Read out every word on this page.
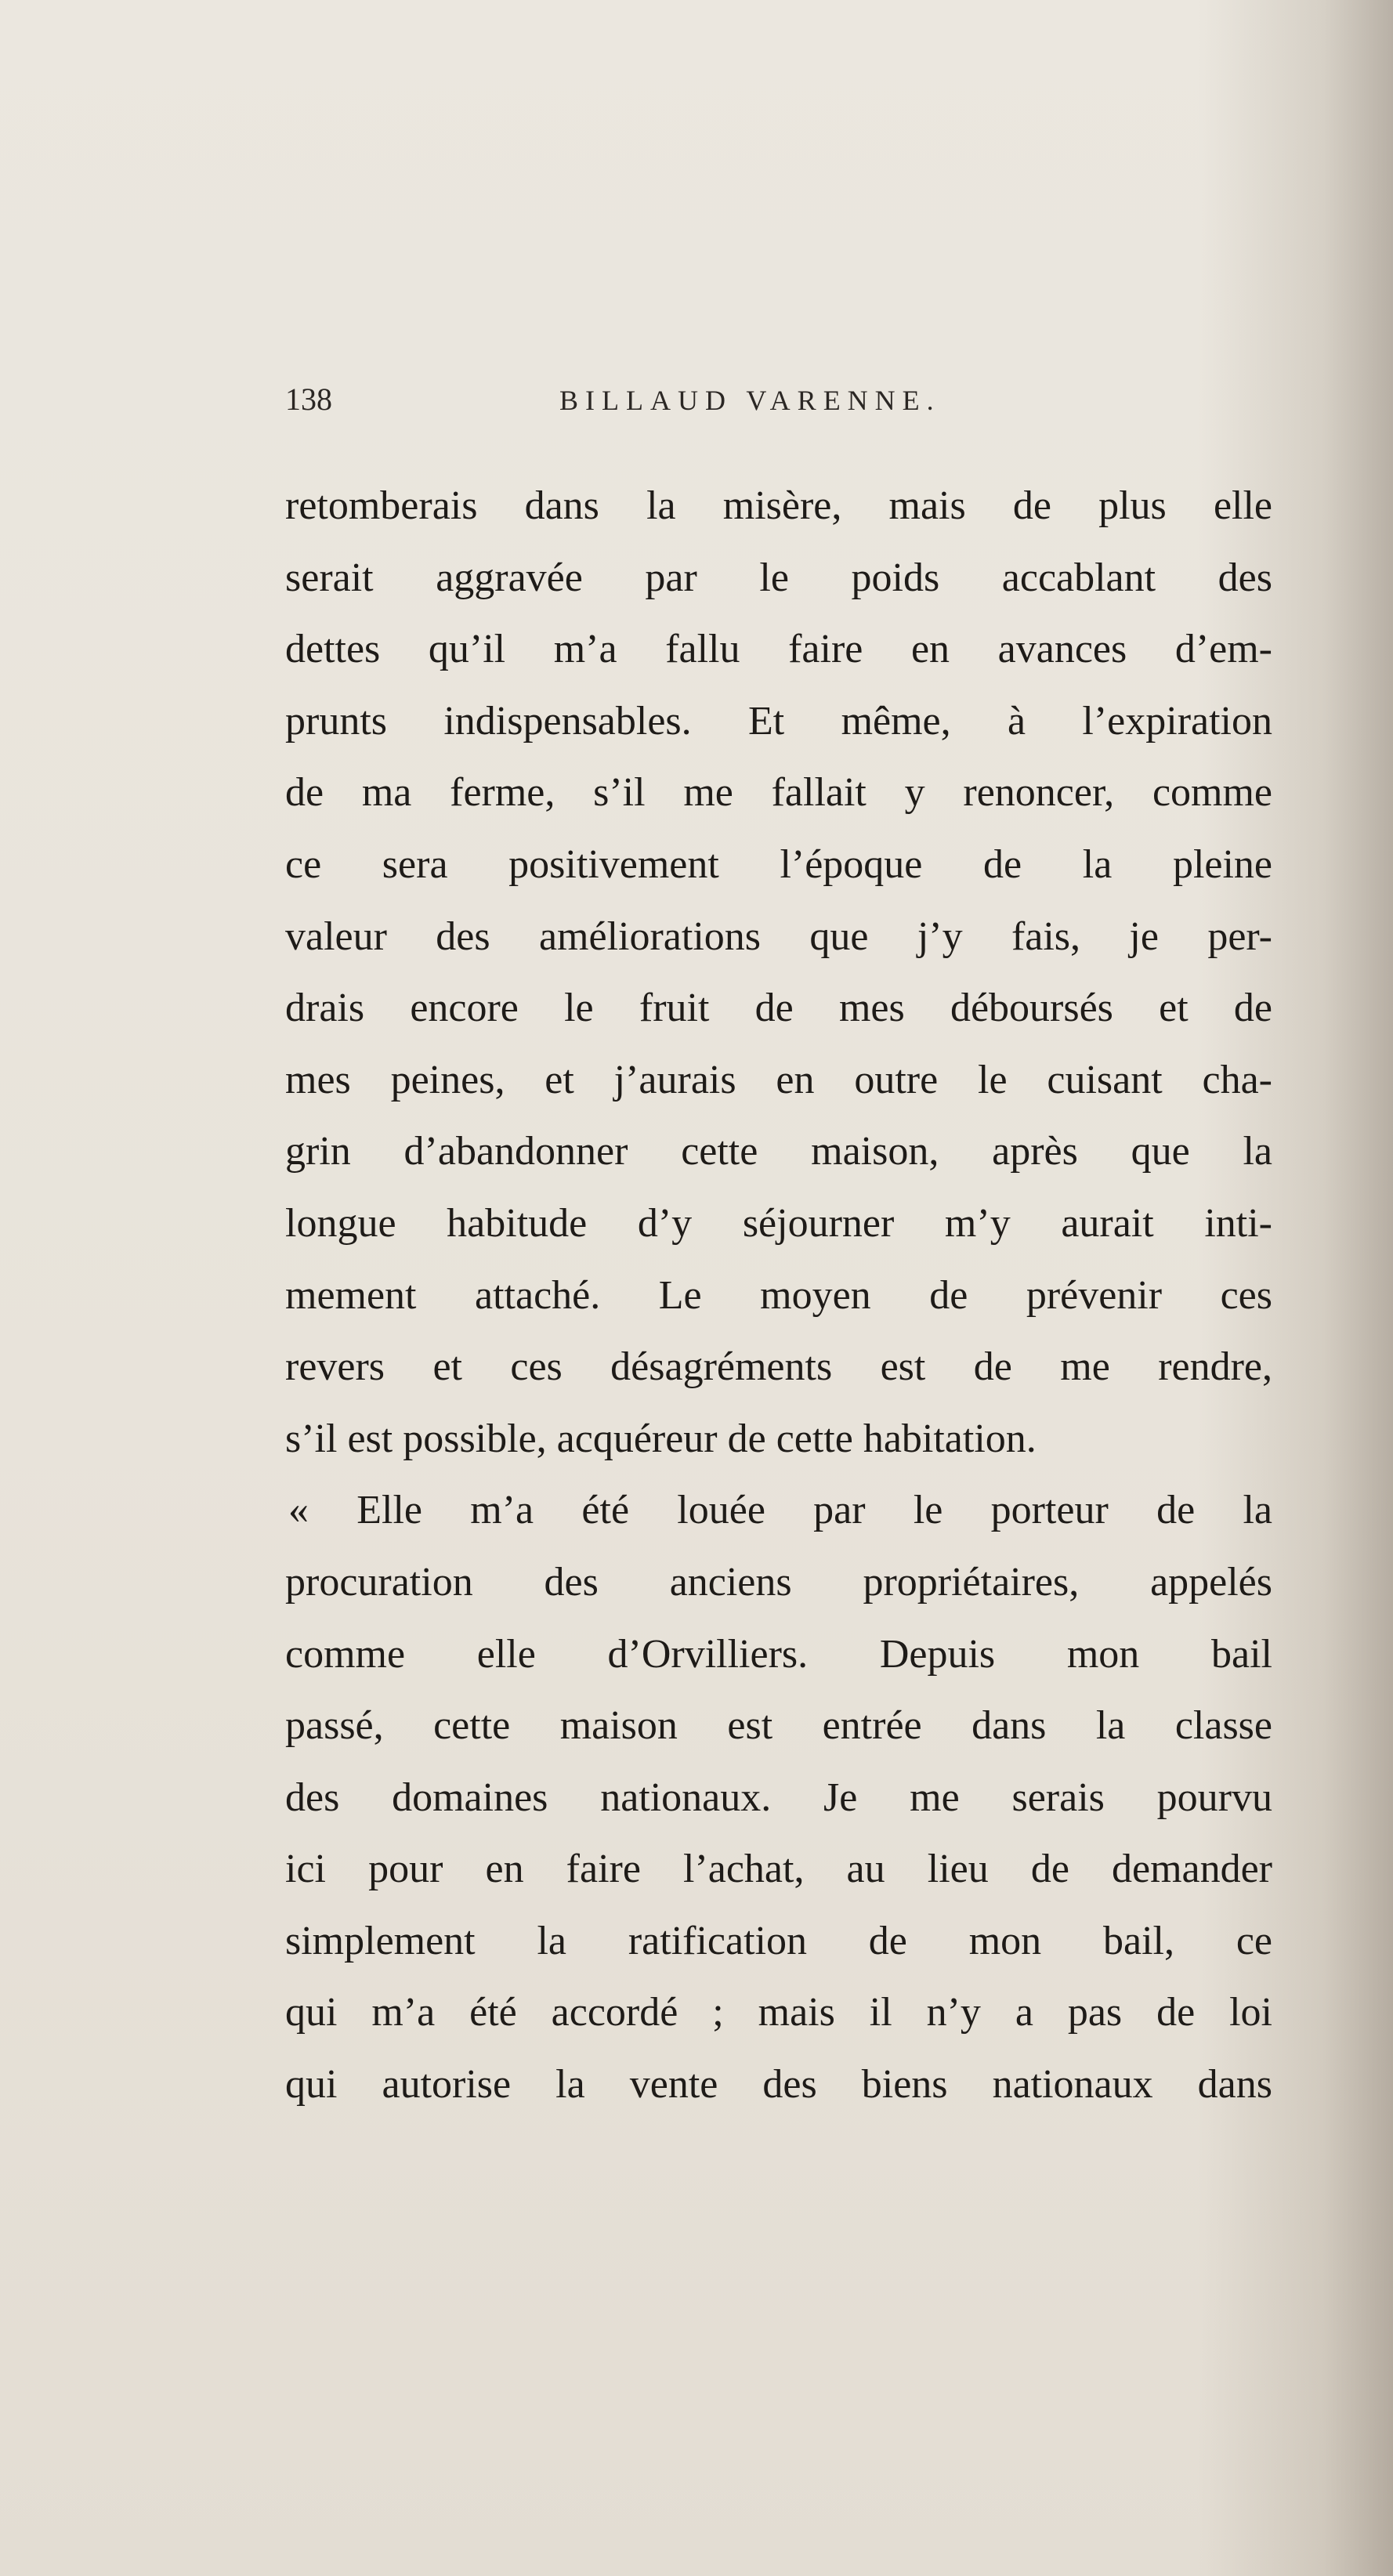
138	BILLAUD VARENNE.
retomberais dans la misère, mais de plus elle
serait aggravée par le poids accablant des
dettes qu’il m’a fallu faire en avances d’em-
prunts indispensables. Et même, à l’expiration
de ma ferme, s’il me fallait y renoncer, comme
ce sera positivement l’époque de la pleine
valeur des améliorations que j’y fais, je per-
drais encore le fruit de mes déboursés et de
mes peines, et j’aurais en outre le cuisant cha-
grin d’abandonner cette maison, après que la
longue habitude d’y séjourner m’y aurait inti-
mement attaché. Le moyen de prévenir ces
revers et ces désagréments est de me rendre,
s’il est possible, acquéreur de cette habitation.
« Elle m’a été louée par le porteur de la
procuration des anciens propriétaires, appelés
comme elle d’Orvilliers. Depuis mon bail
passé, cette maison est entrée dans la classe
des domaines nationaux. Je me serais pourvu
ici pour en faire l’achat, au lieu de demander
simplement la ratification de mon bail, ce
qui m’a été accordé ; mais il n’y a pas de loi
qui autorise la vente des biens nationaux dans
